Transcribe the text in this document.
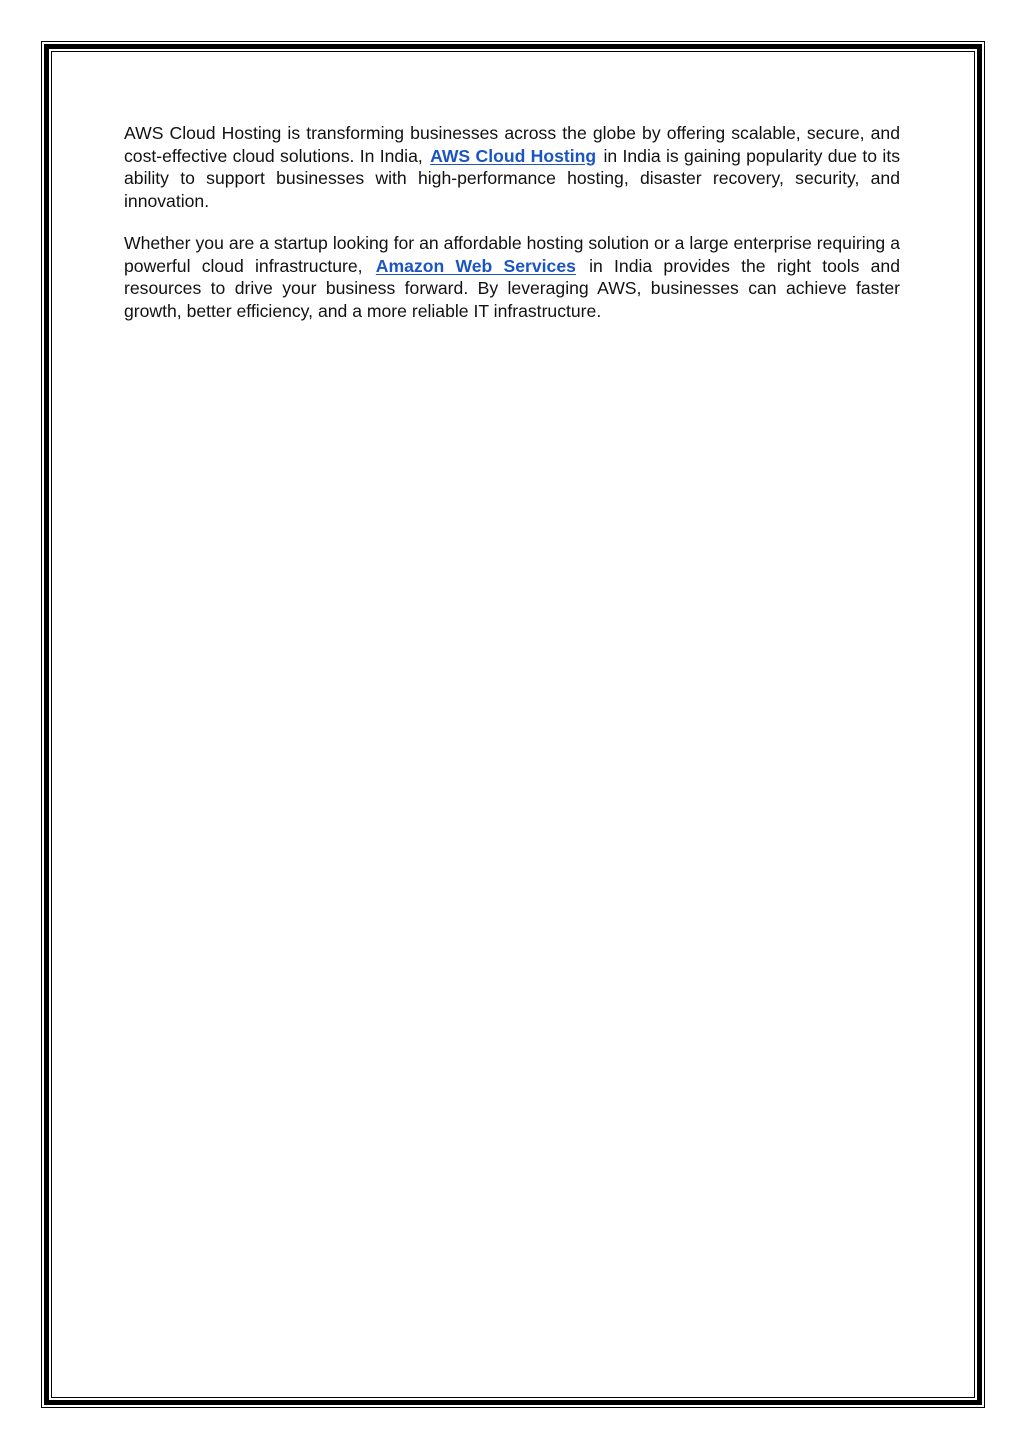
AWS Cloud Hosting is transforming businesses across the globe by offering scalable, secure, and cost-effective cloud solutions. In India, AWS Cloud Hosting in India is gaining popularity due to its ability to support businesses with high-performance hosting, disaster recovery, security, and innovation.

Whether you are a startup looking for an affordable hosting solution or a large enterprise requiring a powerful cloud infrastructure, Amazon Web Services in India provides the right tools and resources to drive your business forward. By leveraging AWS, businesses can achieve faster growth, better efficiency, and a more reliable IT infrastructure.
